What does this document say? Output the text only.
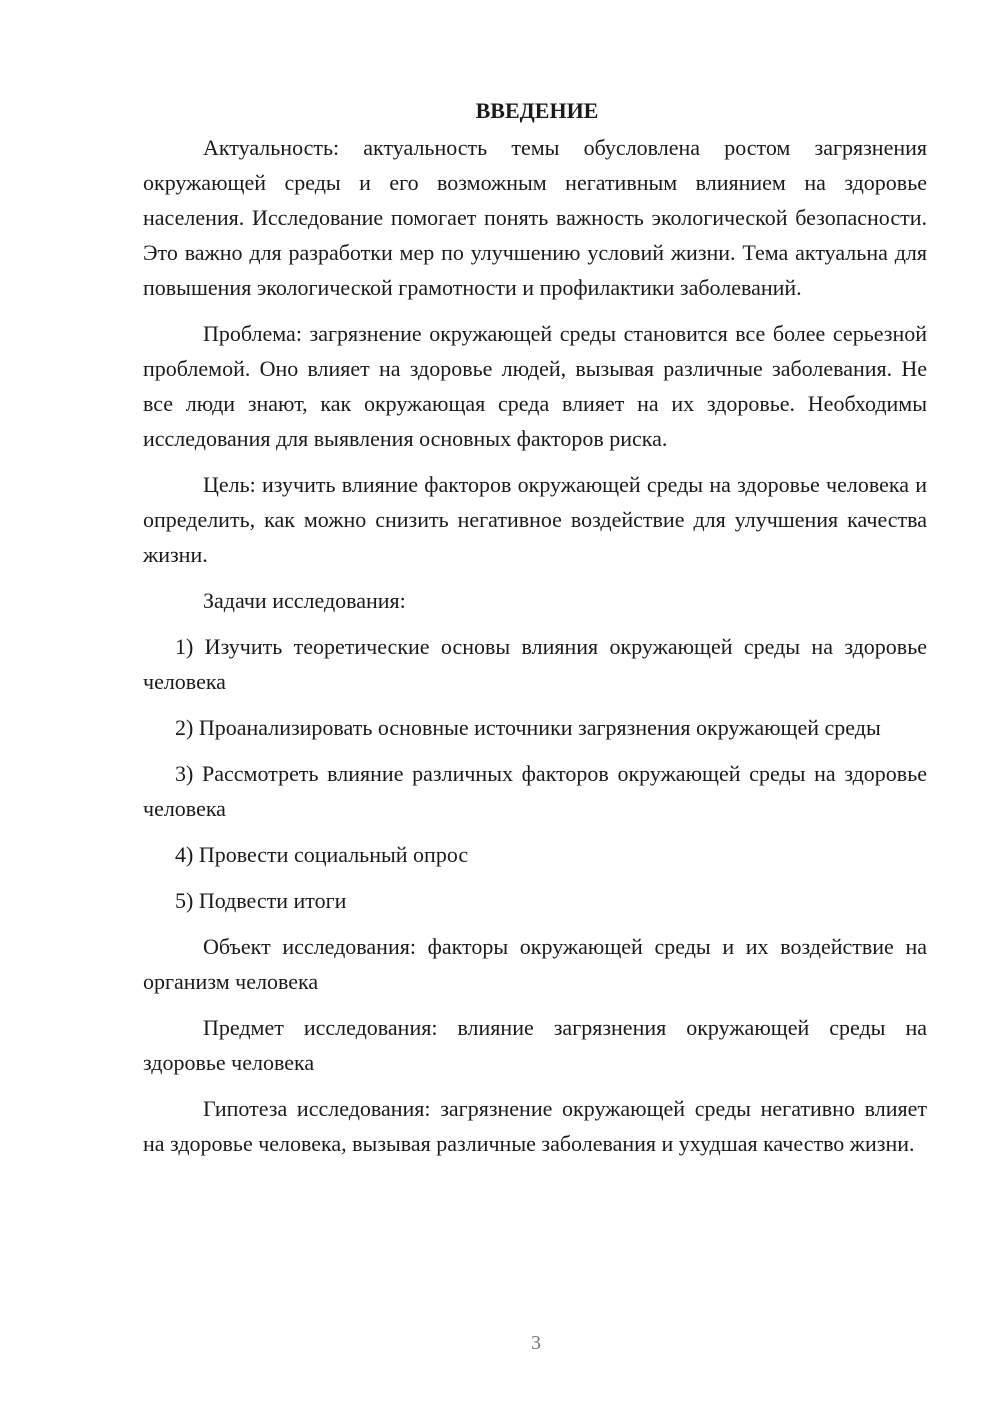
ВВЕДЕНИЕ

Актуальность: актуальность темы обусловлена ростом загрязнения окружающей среды и его возможным негативным влиянием на здоровье населения. Исследование помогает понять важность экологической безопасности. Это важно для разработки мер по улучшению условий жизни. Тема актуальна для повышения экологической грамотности и профилактики заболеваний.

Проблема: загрязнение окружающей среды становится все более серьезной проблемой. Оно влияет на здоровье людей, вызывая различные заболевания. Не все люди знают, как окружающая среда влияет на их здоровье. Необходимы исследования для выявления основных факторов риска.

Цель: изучить влияние факторов окружающей среды на здоровье человека и определить, как можно снизить негативное воздействие для улучшения качества жизни.

Задачи исследования:

1) Изучить теоретические основы влияния окружающей среды на здоровье человека

2) Проанализировать основные источники загрязнения окружающей среды

3) Рассмотреть влияние различных факторов окружающей среды на здоровье человека

4) Провести социальный опрос

5) Подвести итоги

Объект исследования: факторы окружающей среды и их воздействие на организм человека

Предмет исследования: влияние загрязнения окружающей среды на здоровье человека

Гипотеза исследования: загрязнение окружающей среды негативно влияет на здоровье человека, вызывая различные заболевания и ухудшая качество жизни.

3
